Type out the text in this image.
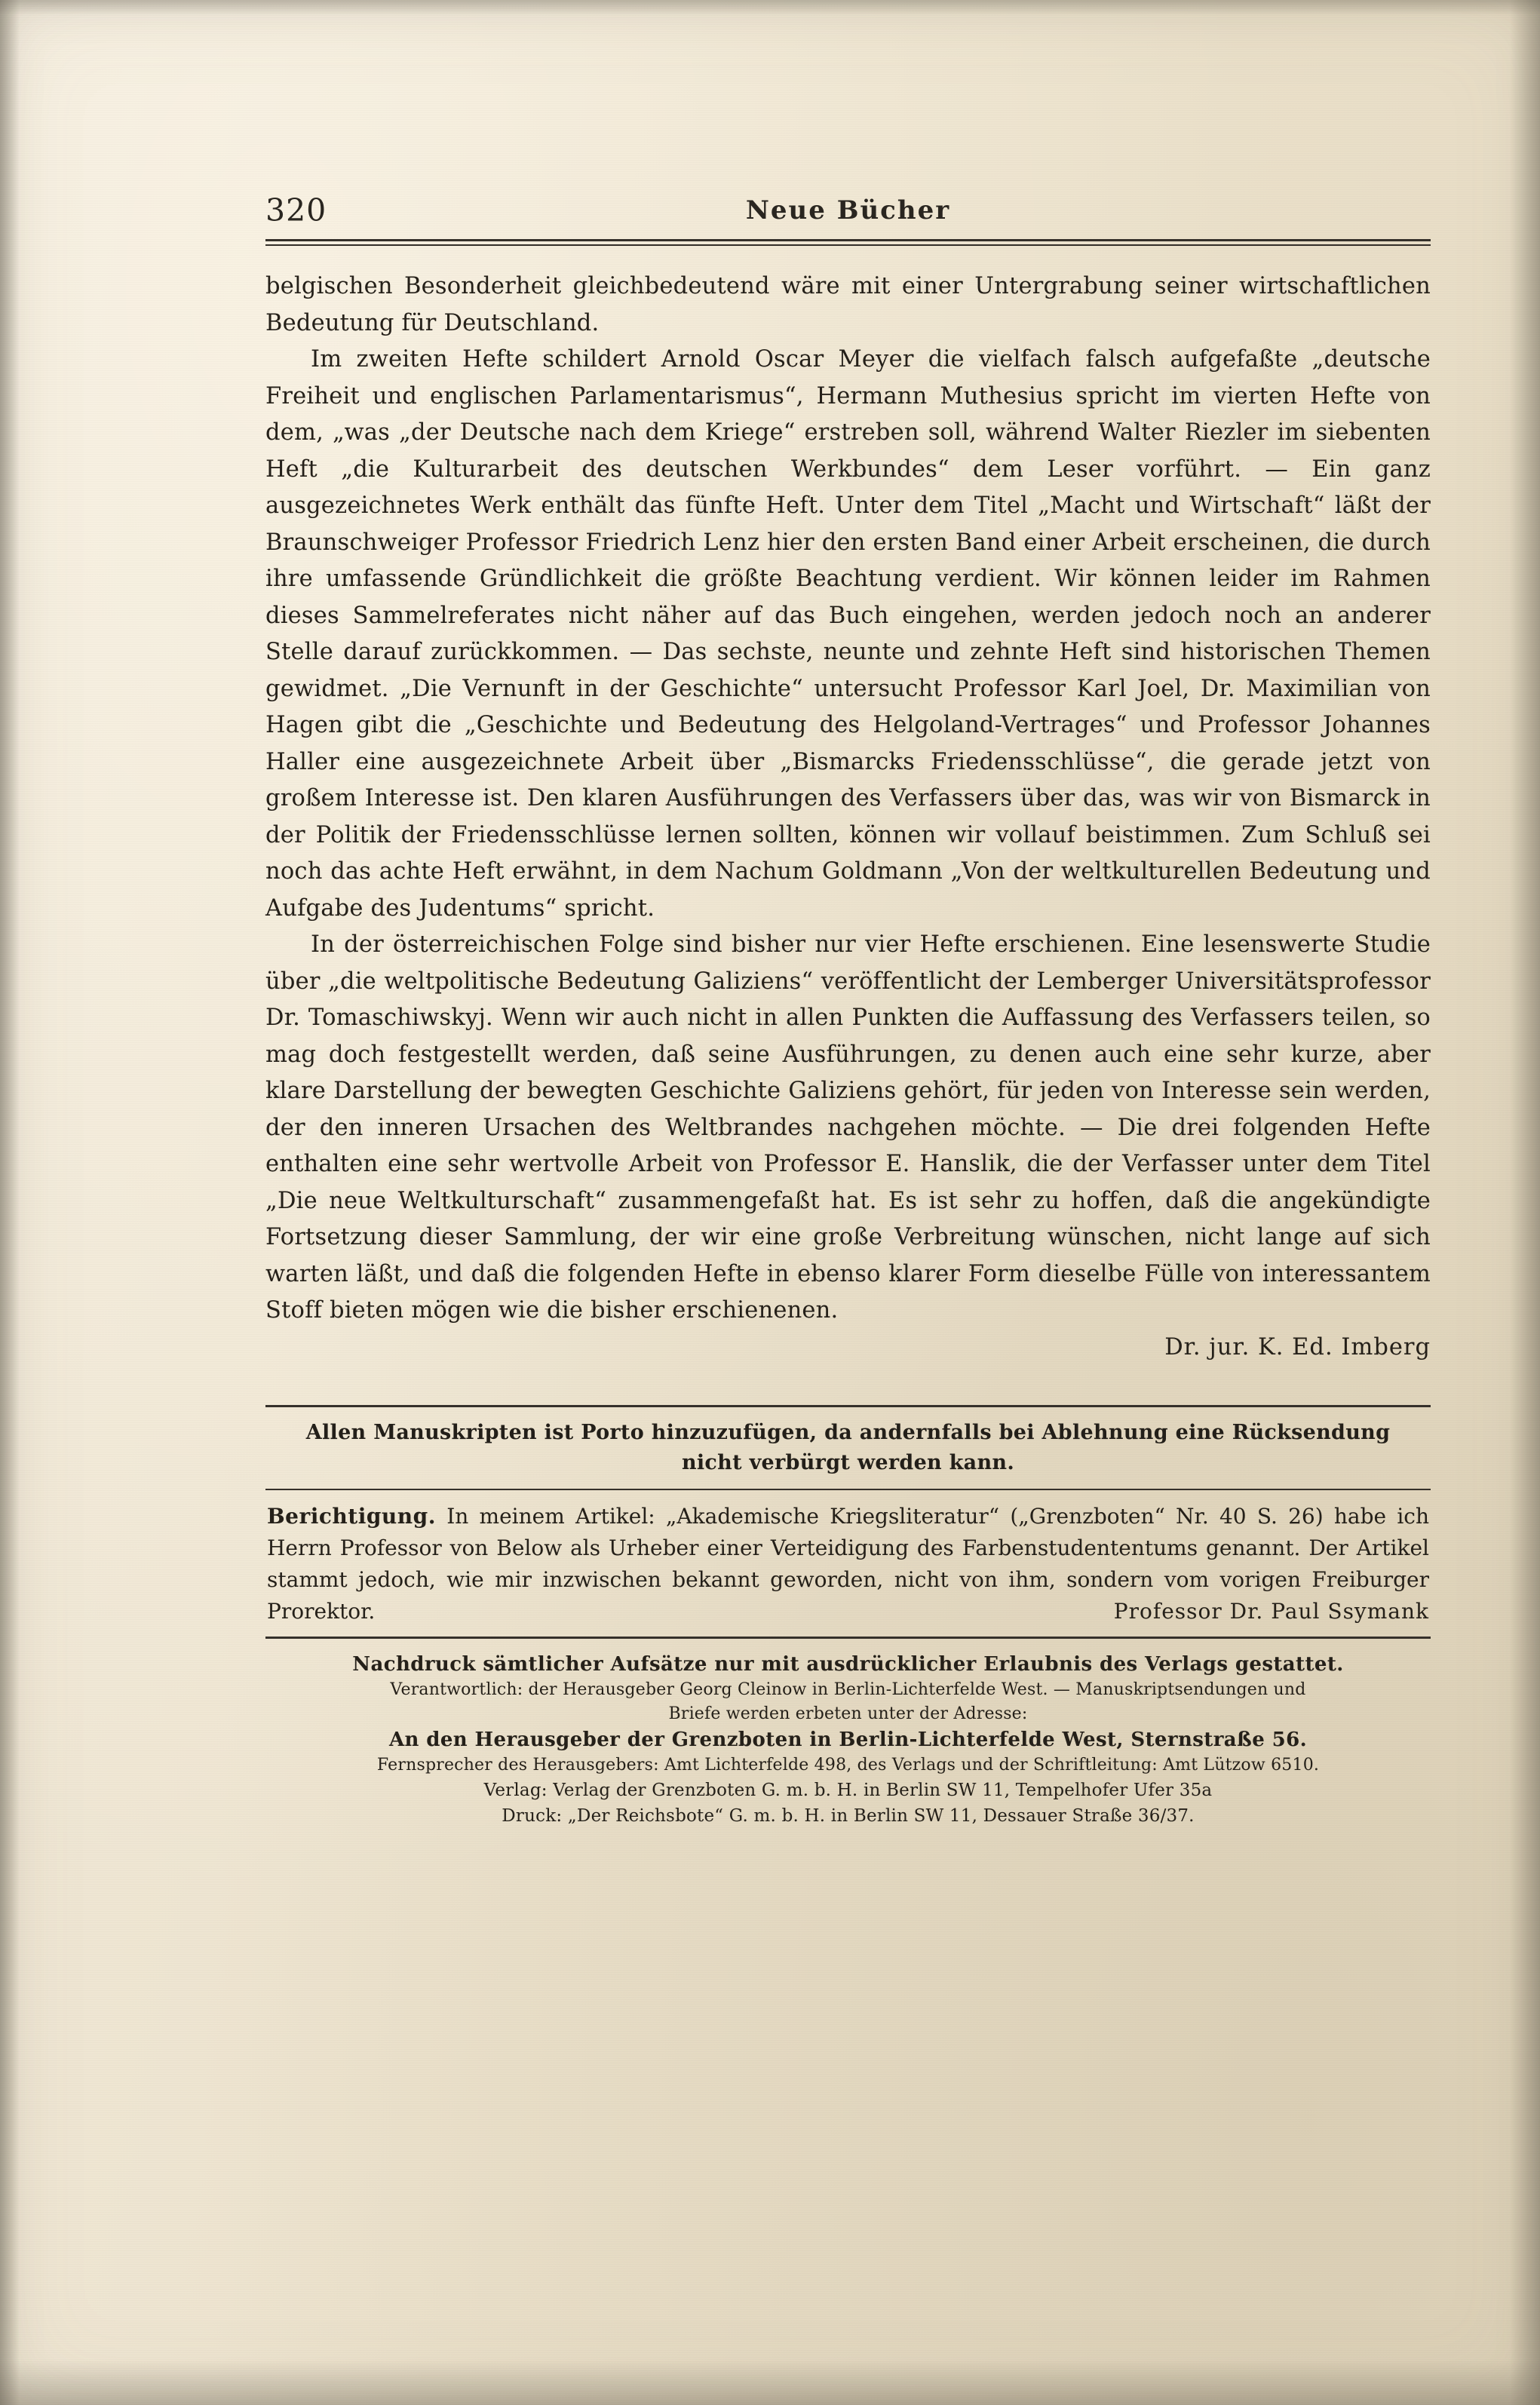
320	Neue Bücher

belgischen Besonderheit gleichbedeutend wäre mit einer Untergrabung seiner wirtschaftlichen Bedeutung für Deutschland.

Im zweiten Hefte schildert Arnold Oscar Meyer die vielfach falsch aufgefaßte „deutsche Freiheit und englischen Parlamentarismus“, Hermann Muthesius spricht im vierten Hefte von dem, „was „der Deutsche nach dem Kriege“ erstreben soll, während Walter Riezler im siebenten Heft „die Kulturarbeit des deutschen Werkbundes“ dem Leser vorführt. — Ein ganz ausgezeichnetes Werk enthält das fünfte Heft. Unter dem Titel „Macht und Wirtschaft“ läßt der Braunschweiger Professor Friedrich Lenz hier den ersten Band einer Arbeit erscheinen, die durch ihre umfassende Gründlichkeit die größte Beachtung verdient. Wir können leider im Rahmen dieses Sammelreferates nicht näher auf das Buch eingehen, werden jedoch noch an anderer Stelle darauf zurückkommen. — Das sechste, neunte und zehnte Heft sind historischen Themen gewidmet. „Die Vernunft in der Geschichte“ untersucht Professor Karl Joel, Dr. Maximilian von Hagen gibt die „Geschichte und Bedeutung des Helgoland-Vertrages“ und Professor Johannes Haller eine ausgezeichnete Arbeit über „Bismarcks Friedensschlüsse“, die gerade jetzt von großem Interesse ist. Den klaren Ausführungen des Verfassers über das, was wir von Bismarck in der Politik der Friedensschlüsse lernen sollten, können wir vollauf beistimmen. Zum Schluß sei noch das achte Heft erwähnt, in dem Nachum Goldmann „Von der weltkulturellen Bedeutung und Aufgabe des Judentums“ spricht.

In der österreichischen Folge sind bisher nur vier Hefte erschienen. Eine lesenswerte Studie über „die weltpolitische Bedeutung Galiziens“ veröffentlicht der Lemberger Universitätsprofessor Dr. Tomaschiwskyj. Wenn wir auch nicht in allen Punkten die Auffassung des Verfassers teilen, so mag doch festgestellt werden, daß seine Ausführungen, zu denen auch eine sehr kurze, aber klare Darstellung der bewegten Geschichte Galiziens gehört, für jeden von Interesse sein werden, der den inneren Ursachen des Weltbrandes nachgehen möchte. — Die drei folgenden Hefte enthalten eine sehr wertvolle Arbeit von Professor E. Hanslik, die der Verfasser unter dem Titel „Die neue Weltkulturschaft“ zusammengefaßt hat. Es ist sehr zu hoffen, daß die angekündigte Fortsetzung dieser Sammlung, der wir eine große Verbreitung wünschen, nicht lange auf sich warten läßt, und daß die folgenden Hefte in ebenso klarer Form dieselbe Fülle von interessantem Stoff bieten mögen wie die bisher erschienenen.

Dr. jur. K. Ed. Imberg
Allen Manuskripten ist Porto hinzuzufügen, da andernfalls bei Ablehnung eine Rücksendung
nicht verbürgt werden kann.
Berichtigung. In meinem Artikel: „Akademische Kriegsliteratur“ („Grenzboten“ Nr. 40 S. 26) habe ich Herrn Professor von Below als Urheber einer Verteidigung des Farbenstudententums genannt. Der Artikel stammt jedoch, wie mir inzwischen bekannt geworden, nicht von ihm, sondern vom vorigen Freiburger Prorektor.	Professor Dr. Paul Ssymank
Nachdruck sämtlicher Aufsätze nur mit ausdrücklicher Erlaubnis des Verlags gestattet.
Verantwortlich: der Herausgeber Georg Cleinow in Berlin-Lichterfelde West. — Manuskriptsendungen und
Briefe werden erbeten unter der Adresse:
An den Herausgeber der Grenzboten in Berlin-Lichterfelde West, Sternstraße 56.
Fernsprecher des Herausgebers: Amt Lichterfelde 498, des Verlags und der Schriftleitung: Amt Lützow 6510.
Verlag: Verlag der Grenzboten G. m. b. H. in Berlin SW 11, Tempelhofer Ufer 35a
Druck: „Der Reichsbote“ G. m. b. H. in Berlin SW 11, Dessauer Straße 36/37.
